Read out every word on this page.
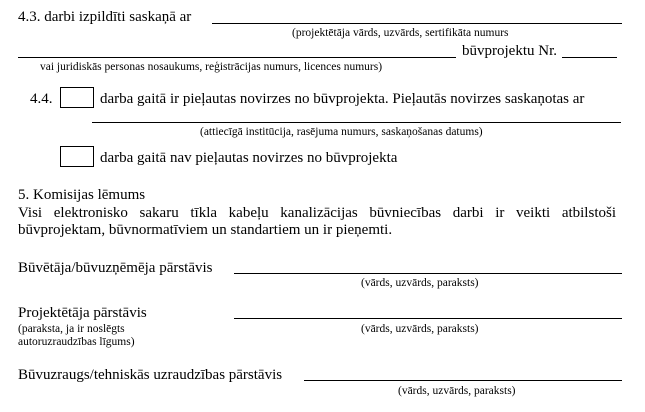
4.3. darbi izpildīti saskaņā ar
(projektētāja vārds, uzvārds, sertifikāta numurs
būvprojektu Nr.
vai juridiskās personas nosaukums, reģistrācijas numurs, licences numurs)
4.4.	darba gaitā ir pieļautas novirzes no būvprojekta. Pieļautās novirzes saskaņotas ar
(attiecīgā institūcija, rasējuma numurs, saskaņošanas datums)
darba gaitā nav pieļautas novirzes no būvprojekta
5. Komisijas lēmums
Visi elektronisko sakaru tīkla kabeļu kanalizācijas būvniecības darbi ir veikti atbilstoši
būvprojektam, būvnormatīviem un standartiem un ir pieņemti.
Būvētāja/būvuzņēmēja pārstāvis
(vārds, uzvārds, paraksts)
Projektētāja pārstāvis
(paraksta, ja ir noslēgts
autoruzraudzības līgums)
(vārds, uzvārds, paraksts)
Būvuzraugs/tehniskās uzraudzības pārstāvis
(vārds, uzvārds, paraksts)
